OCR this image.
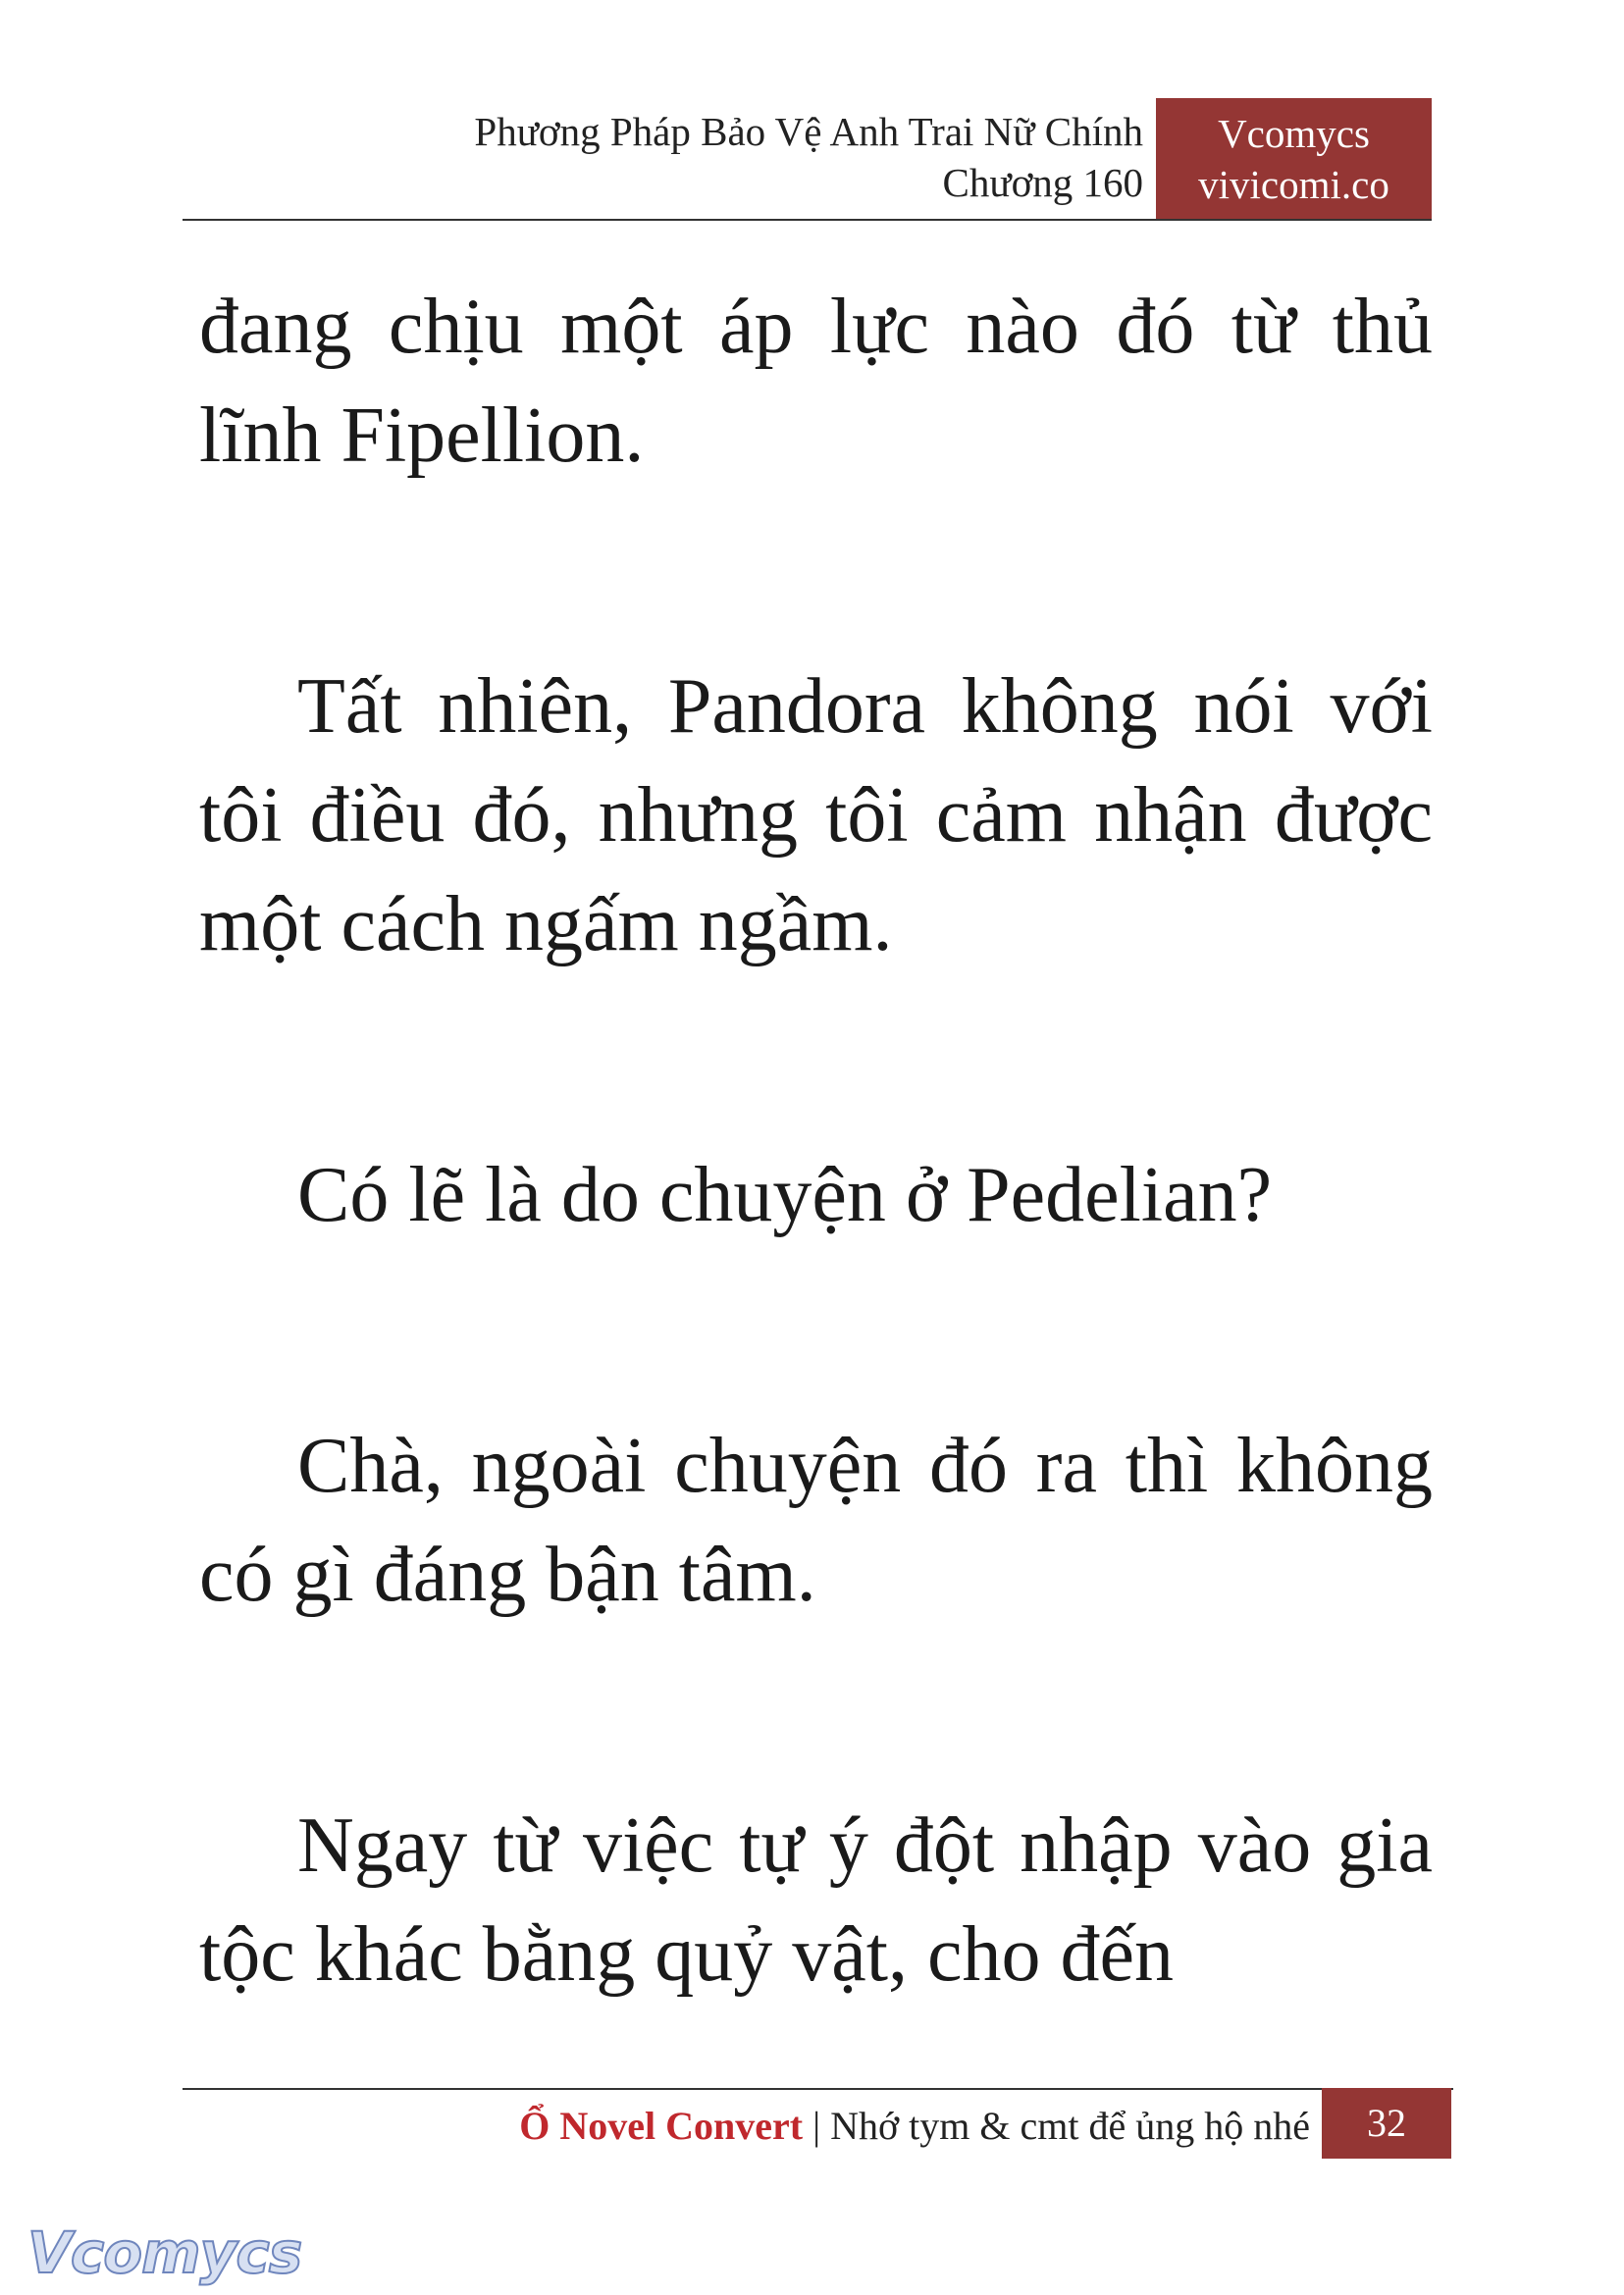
Phương Pháp Bảo Vệ Anh Trai Nữ Chính
Chương 160
Vcomycs
vivicomi.co

đang chịu một áp lực nào đó từ thủ lĩnh Fipellion.

Tất nhiên, Pandora không nói với tôi điều đó, nhưng tôi cảm nhận được một cách ngấm ngầm.

Có lẽ là do chuyện ở Pedelian?

Chà, ngoài chuyện đó ra thì không có gì đáng bận tâm.

Ngay từ việc tự ý đột nhập vào gia tộc khác bằng quỷ vật, cho đến

Ổ Novel Convert | Nhớ tym & cmt để ủng hộ nhé	32
Vcomycs
